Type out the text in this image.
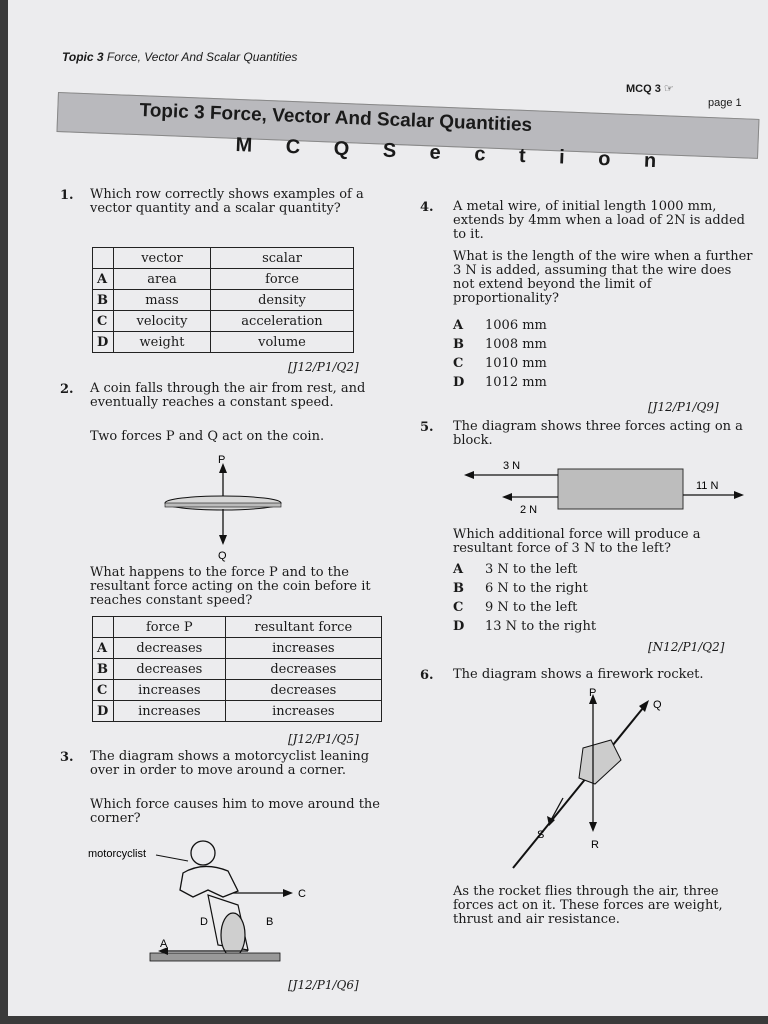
Topic 3 Force, Vector And Scalar Quantities
MCQ 3 ☞
page 1
Topic 3 Force, Vector And Scalar Quantities
M C Q S e c t i o n
1. Which row correctly shows examples of a vector quantity and a scalar quantity?
	vector	scalar
A	area	force
B	mass	density
C	velocity	acceleration
D	weight	volume
[J12/P1/Q2]
2. A coin falls through the air from rest, and eventually reaches a constant speed.
Two forces P and Q act on the coin.
P
Q
What happens to the force P and to the resultant force acting on the coin before it reaches constant speed?
	force P	resultant force
A	decreases	increases
B	decreases	decreases
C	increases	decreases
D	increases	increases
[J12/P1/Q5]
3. The diagram shows a motorcyclist leaning over in order to move around a corner.
Which force causes him to move around the corner?
motorcyclist
C
D	B
A
[J12/P1/Q6]
4. A metal wire, of initial length 1000 mm, extends by 4mm when a load of 2N is added to it.
What is the length of the wire when a further 3 N is added, assuming that the wire does not extend beyond the limit of proportionality?
A 1006 mm
B 1008 mm
C 1010 mm
D 1012 mm
[J12/P1/Q9]
5. The diagram shows three forces acting on a block.
3 N
2 N
11 N
Which additional force will produce a resultant force of 3 N to the left?
A 3 N to the left
B 6 N to the right
C 9 N to the left
D 13 N to the right
[N12/P1/Q2]
6. The diagram shows a firework rocket.
P
Q
R
S
As the rocket flies through the air, three forces act on it. These forces are weight, thrust and air resistance.
